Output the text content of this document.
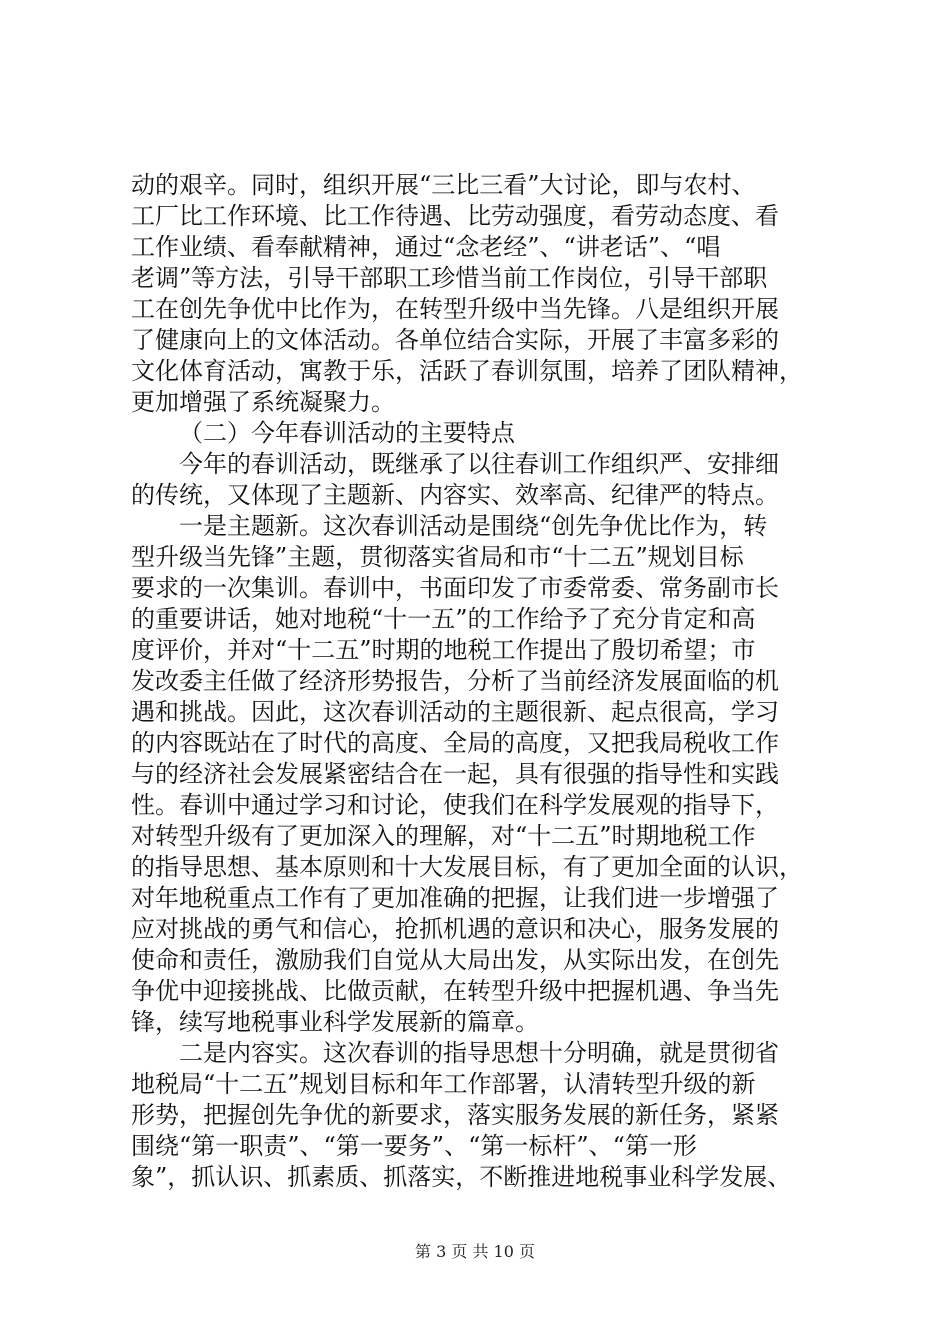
动的艰辛。同时，组织开展“三比三看”大讨论，即与农村、
工厂比工作环境、比工作待遇、比劳动强度，看劳动态度、看
工作业绩、看奉献精神，通过“念老经”、“讲老话”、“唱
老调”等方法，引导干部职工珍惜当前工作岗位，引导干部职
工在创先争优中比作为，在转型升级中当先锋。八是组织开展
了健康向上的文体活动。各单位结合实际，开展了丰富多彩的
文化体育活动，寓教于乐，活跃了春训氛围，培养了团队精神，
更加增强了系统凝聚力。
（二）今年春训活动的主要特点
今年的春训活动，既继承了以往春训工作组织严、安排细
的传统，又体现了主题新、内容实、效率高、纪律严的特点。
一是主题新。这次春训活动是围绕“创先争优比作为，转
型升级当先锋”主题，贯彻落实省局和市“十二五”规划目标
要求的一次集训。春训中，书面印发了市委常委、常务副市长
的重要讲话，她对地税“十一五”的工作给予了充分肯定和高
度评价，并对“十二五”时期的地税工作提出了殷切希望；市
发改委主任做了经济形势报告，分析了当前经济发展面临的机
遇和挑战。因此，这次春训活动的主题很新、起点很高，学习
的内容既站在了时代的高度、全局的高度，又把我局税收工作
与的经济社会发展紧密结合在一起，具有很强的指导性和实践
性。春训中通过学习和讨论，使我们在科学发展观的指导下，
对转型升级有了更加深入的理解，对“十二五”时期地税工作
的指导思想、基本原则和十大发展目标，有了更加全面的认识，
对年地税重点工作有了更加准确的把握，让我们进一步增强了
应对挑战的勇气和信心，抢抓机遇的意识和决心，服务发展的
使命和责任，激励我们自觉从大局出发，从实际出发，在创先
争优中迎接挑战、比做贡献，在转型升级中把握机遇、争当先
锋，续写地税事业科学发展新的篇章。
二是内容实。这次春训的指导思想十分明确，就是贯彻省
地税局“十二五”规划目标和年工作部署，认清转型升级的新
形势，把握创先争优的新要求，落实服务发展的新任务，紧紧
围绕“第一职责”、“第一要务”、“第一标杆”、“第一形
象”，抓认识、抓素质、抓落实，不断推进地税事业科学发展、
第 3 页 共 10 页
